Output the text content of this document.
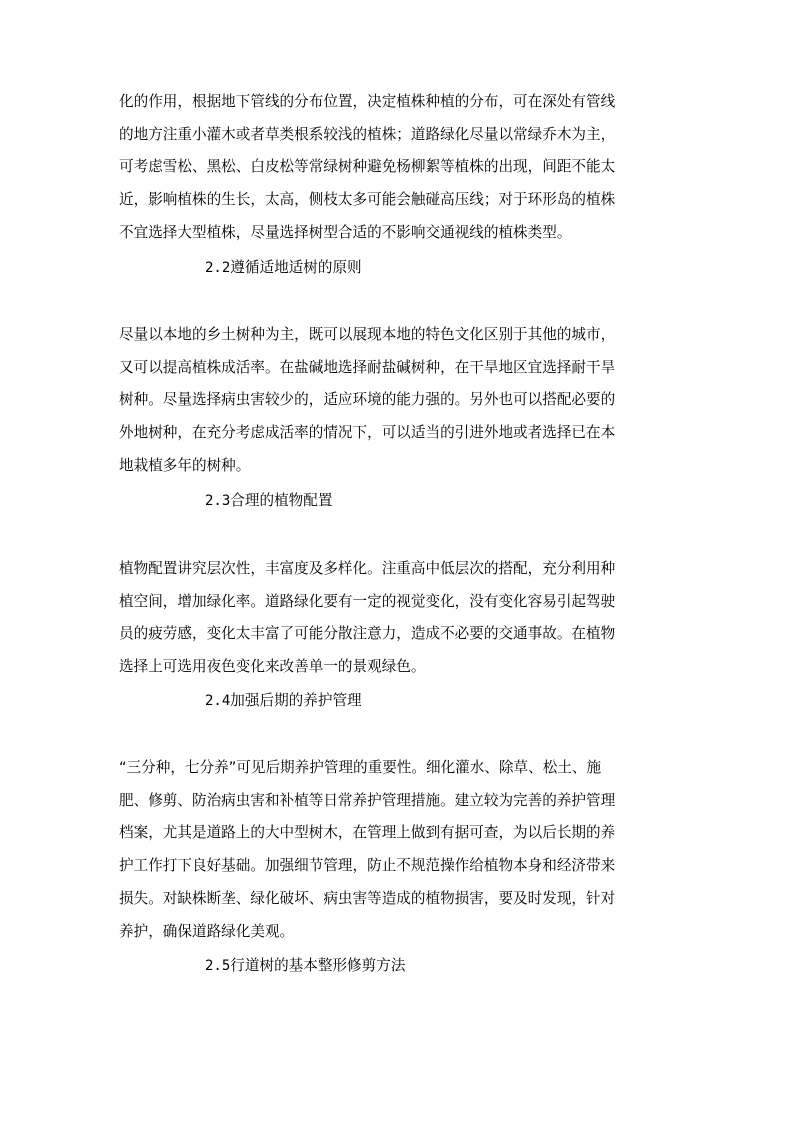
化的作用，根据地下管线的分布位置，决定植株种植的分布，可在深处有管线
的地方注重小灌木或者草类根系较浅的植株；道路绿化尽量以常绿乔木为主，
可考虑雪松、黑松、白皮松等常绿树种避免杨柳絮等植株的出现，间距不能太
近，影响植株的生长，太高，侧枝太多可能会触碰高压线；对于环形岛的植株
不宜选择大型植株，尽量选择树型合适的不影响交通视线的植株类型。
2.2遵循适地适树的原则
尽量以本地的乡土树种为主，既可以展现本地的特色文化区别于其他的城市，
又可以提高植株成活率。在盐碱地选择耐盐碱树种，在干旱地区宜选择耐干旱
树种。尽量选择病虫害较少的，适应环境的能力强的。另外也可以搭配必要的
外地树种，在充分考虑成活率的情况下，可以适当的引进外地或者选择已在本
地栽植多年的树种。
2.3合理的植物配置
植物配置讲究层次性，丰富度及多样化。注重高中低层次的搭配，充分利用种
植空间，增加绿化率。道路绿化要有一定的视觉变化，没有变化容易引起驾驶
员的疲劳感，变化太丰富了可能分散注意力，造成不必要的交通事故。在植物
选择上可选用夜色变化来改善单一的景观绿色。
2.4加强后期的养护管理
“三分种，七分养”可见后期养护管理的重要性。细化灌水、除草、松土、施
肥、修剪、防治病虫害和补植等日常养护管理措施。建立较为完善的养护管理
档案，尤其是道路上的大中型树木，在管理上做到有据可查，为以后长期的养
护工作打下良好基础。加强细节管理，防止不规范操作给植物本身和经济带来
损失。对缺株断垄、绿化破坏、病虫害等造成的植物损害，要及时发现，针对
养护，确保道路绿化美观。
2.5行道树的基本整形修剪方法
